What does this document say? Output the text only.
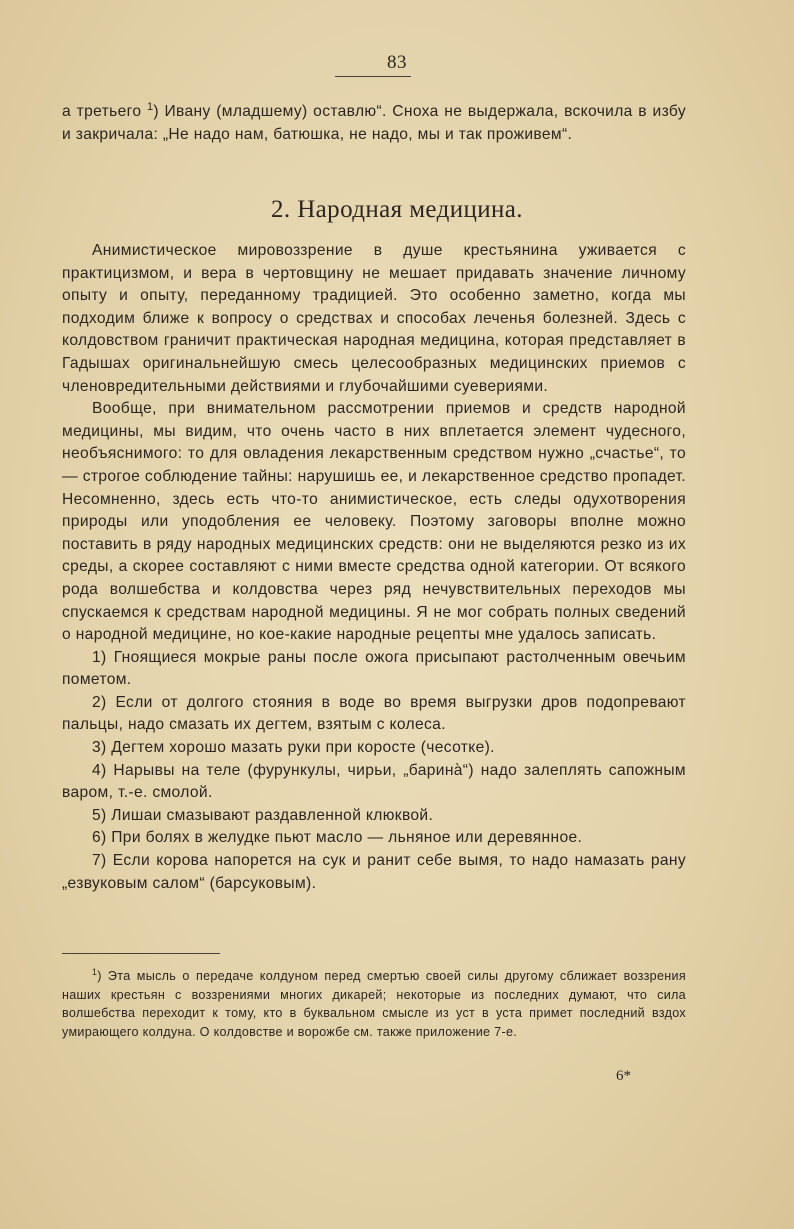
83

а третьего $^1$) Ивану (младшему) оставлю“. Сноха не выдержала, вскочила в избу и закричала: „Не надо нам, батюшка, не надо, мы и так проживем“.

2. Народная медицина.

Анимистическое мировоззрение в душе крестьянина уживается с практицизмом, и вера в чертовщину не мешает придавать значение личному опыту и опыту, переданному традицией. Это особенно заметно, когда мы подходим ближе к вопросу о средствах и способах леченья болезней. Здесь с колдовством граничит практическая народная медицина, которая представляет в Гадышах оригинальнейшую смесь целесообразных медицинских приемов с членовредительными действиями и глубочайшими суевериями.

Вообще, при внимательном рассмотрении приемов и средств народной медицины, мы видим, что очень часто в них вплетается элемент чудесного, необъяснимого: то для овладения лекарственным средством нужно „счастье“, то — строгое соблюдение тайны: нарушишь ее, и лекарственное средство пропадет. Несомненно, здесь есть что-то анимистическое, есть следы одухотворения природы или уподобления ее человеку. Поэтому заговоры вполне можно поставить в ряду народных медицинских средств: они не выделяются резко из их среды, а скорее составляют с ними вместе средства одной категории. От всякого рода волшебства и колдовства через ряд нечувствительных переходов мы спускаемся к средствам народной медицины. Я не мог собрать полных сведений о народной медицине, но кое-какие народные рецепты мне удалось записать.

1) Гноящиеся мокрые раны после ожога присыпают растолченным овечьим пометом.

2) Если от долгого стояния в воде во время выгрузки дров подопревают пальцы, надо смазать их дегтем, взятым с колеса.

3) Дегтем хорошо мазать руки при коросте (чесотке).

4) Нарывы на теле (фурункулы, чирьи, „барина̀“) надо залеплять сапожным варом, т.-е. смолой.

5) Лишаи смазывают раздавленной клюквой.

6) При болях в желудке пьют масло — льняное или деревянное.

7) Если корова напорется на сук и ранит себе вымя, то надо намазать рану „езвуковым салом“ (барсуковым).

$^1$) Эта мысль о передаче колдуном перед смертью своей силы другому сближает воззрения наших крестьян с воззрениями многих дикарей; некоторые из последних думают, что сила волшебства переходит к тому, кто в буквальном смысле из уст в уста примет последний вздох умирающего колдуна. О колдовстве и ворожбе см. также приложение 7-е.

6*
